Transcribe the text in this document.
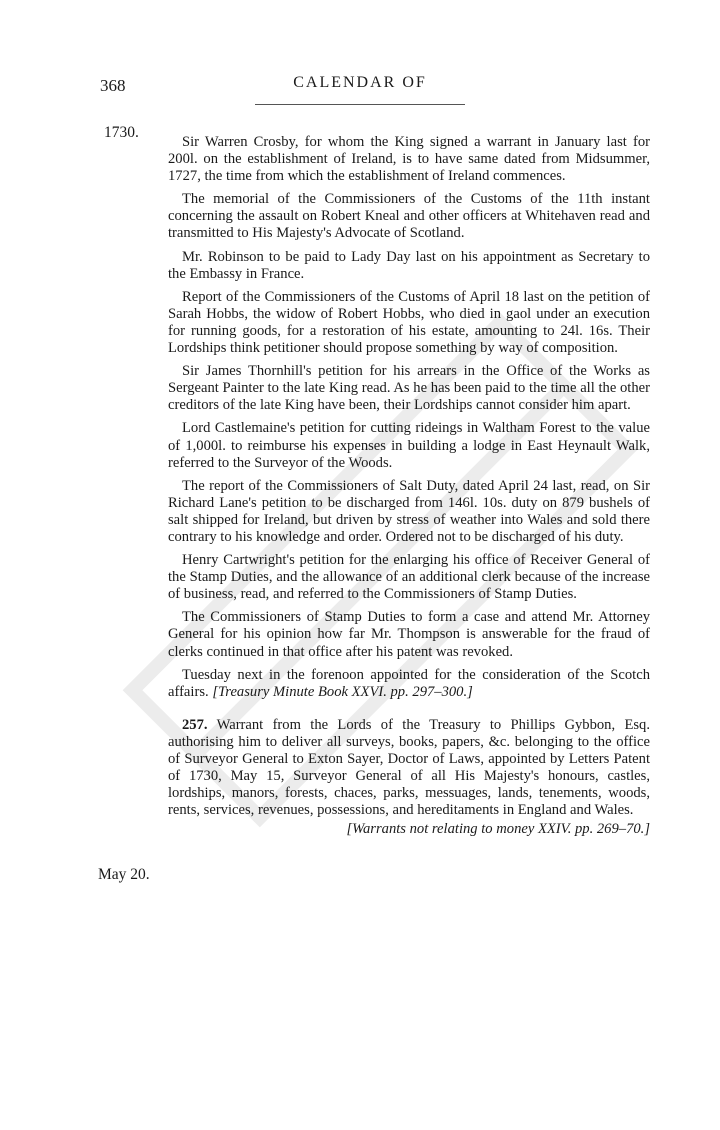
368	CALENDAR OF
1730.
May 20.

Sir Warren Crosby, for whom the King signed a warrant in January last for 200l. on the establishment of Ireland, is to have same dated from Midsummer, 1727, the time from which the establishment of Ireland commences.

The memorial of the Commissioners of the Customs of the 11th instant concerning the assault on Robert Kneal and other officers at Whitehaven read and transmitted to His Majesty's Advocate of Scotland.

Mr. Robinson to be paid to Lady Day last on his appointment as Secretary to the Embassy in France.

Report of the Commissioners of the Customs of April 18 last on the petition of Sarah Hobbs, the widow of Robert Hobbs, who died in gaol under an execution for running goods, for a restoration of his estate, amounting to 24l. 16s. Their Lordships think petitioner should propose something by way of composition.

Sir James Thornhill's petition for his arrears in the Office of the Works as Sergeant Painter to the late King read. As he has been paid to the time all the other creditors of the late King have been, their Lordships cannot consider him apart.

Lord Castlemaine's petition for cutting rideings in Waltham Forest to the value of 1,000l. to reimburse his expenses in building a lodge in East Heynault Walk, referred to the Surveyor of the Woods.

The report of the Commissioners of Salt Duty, dated April 24 last, read, on Sir Richard Lane's petition to be discharged from 146l. 10s. duty on 879 bushels of salt shipped for Ireland, but driven by stress of weather into Wales and sold there contrary to his knowledge and order. Ordered not to be discharged of his duty.

Henry Cartwright's petition for the enlarging his office of Receiver General of the Stamp Duties, and the allowance of an additional clerk because of the increase of business, read, and referred to the Commissioners of Stamp Duties.

The Commissioners of Stamp Duties to form a case and attend Mr. Attorney General for his opinion how far Mr. Thompson is answerable for the fraud of clerks continued in that office after his patent was revoked.

Tuesday next in the forenoon appointed for the consideration of the Scotch affairs. [Treasury Minute Book XXVI. pp. 297–300.]

257. Warrant from the Lords of the Treasury to Phillips Gybbon, Esq. authorising him to deliver all surveys, books, papers, &c. belonging to the office of Surveyor General to Exton Sayer, Doctor of Laws, appointed by Letters Patent of 1730, May 15, Surveyor General of all His Majesty's honours, castles, lordships, manors, forests, chaces, parks, messuages, lands, tenements, woods, rents, services, revenues, possessions, and hereditaments in England and Wales.

[Warrants not relating to money XXIV. pp. 269–70.]
